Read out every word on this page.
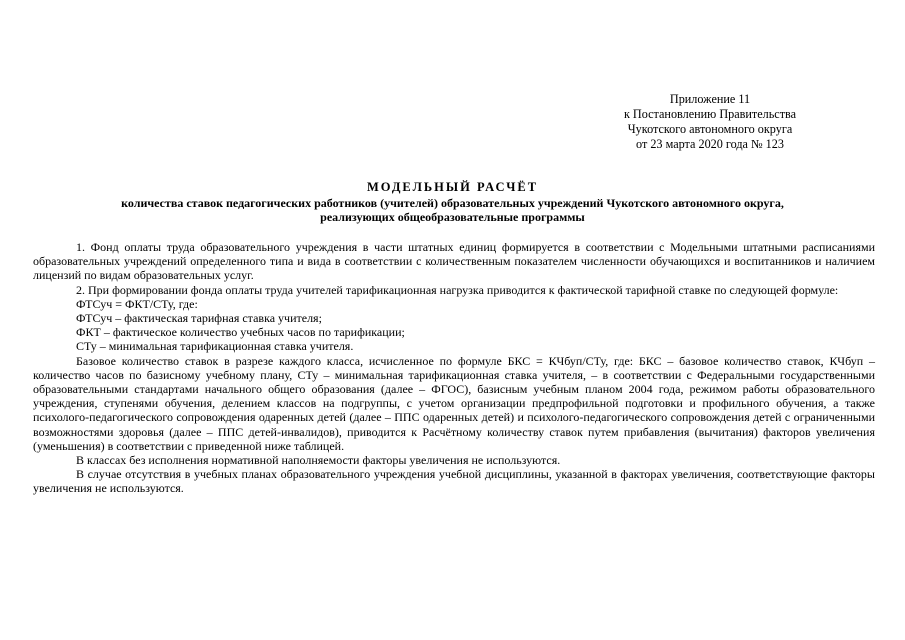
Приложение 11
к Постановлению Правительства
Чукотского автономного округа
от 23 марта 2020 года № 123
МОДЕЛЬНЫЙ РАСЧЁТ
количества ставок педагогических работников (учителей) образовательных учреждений Чукотского автономного округа,
реализующих общеобразовательные программы

1. Фонд оплаты труда образовательного учреждения в части штатных единиц формируется в соответствии с Модельными штатными расписаниями образовательных учреждений определенного типа и вида в соответствии с количественным показателем численности обучающихся и воспитанников и наличием лицензий по видам образовательных услуг.

2. При формировании фонда оплаты труда учителей тарификационная нагрузка приводится к фактической тарифной ставке по следующей формуле:

ФТСуч = ФКТ/СТу, где:

ФТСуч – фактическая тарифная ставка учителя;

ФКТ – фактическое количество учебных часов по тарификации;

СТу – минимальная тарификационная ставка учителя.

Базовое количество ставок в разрезе каждого класса, исчисленное по формуле БКС = КЧбуп/СТу, где: БКС – базовое количество ставок, КЧбуп – количество часов по базисному учебному плану, СТу – минимальная тарификационная ставка учителя, – в соответствии с Федеральными государственными образовательными стандартами начального общего образования (далее – ФГОС), базисным учебным планом 2004 года, режимом работы образовательного учреждения, ступенями обучения, делением классов на подгруппы, с учетом организации предпрофильной подготовки и профильного обучения, а также психолого-педагогического сопровождения одаренных детей (далее – ППС одаренных детей) и психолого-педагогического сопровождения детей с ограниченными возможностями здоровья (далее – ППС детей-инвалидов), приводится к Расчётному количеству ставок путем прибавления (вычитания) факторов увеличения (уменьшения) в соответствии с приведенной ниже таблицей.

В классах без исполнения нормативной наполняемости факторы увеличения не используются.

В случае отсутствия в учебных планах образовательного учреждения учебной дисциплины, указанной в факторах увеличения, соответствующие факторы увеличения не используются.
